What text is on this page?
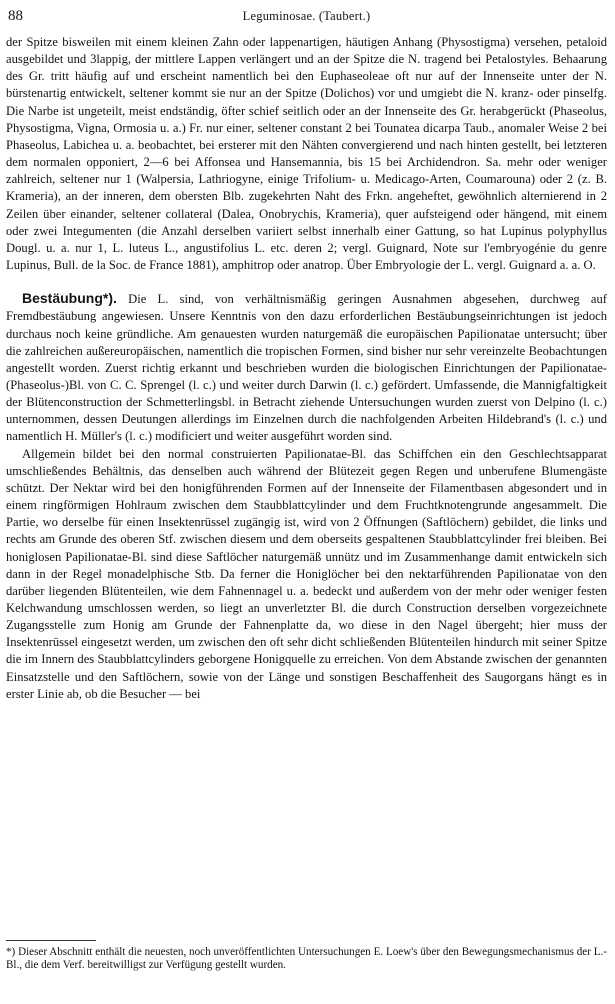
88	Leguminosae. (Taubert.)

der Spitze bisweilen mit einem kleinen Zahn oder lappenartigen, häutigen Anhang (Physostigma) versehen, petaloid ausgebildet und 3lappig, der mittlere Lappen verlängert und an der Spitze die N. tragend bei Petalostyles. Behaarung des Gr. tritt häufig auf und erscheint namentlich bei den Euphaseoleae oft nur auf der Innenseite unter der N. bürstenartig entwickelt, seltener kommt sie nur an der Spitze (Dolichos) vor und umgiebt die N. kranz- oder pinselfg. Die Narbe ist ungeteilt, meist endständig, öfter schief seitlich oder an der Innenseite des Gr. herabgerückt (Phaseolus, Physostigma, Vigna, Ormosia u. a.) Fr. nur einer, seltener constant 2 bei Tounatea dicarpa Taub., anomaler Weise 2 bei Phaseolus, Labichea u. a. beobachtet, bei ersterer mit den Nähten convergierend und nach hinten gestellt, bei letzteren dem normalen opponiert, 2—6 bei Affonsea und Hansemannia, bis 15 bei Archidendron. Sa. mehr oder weniger zahlreich, seltener nur 1 (Walpersia, Lathriogyne, einige Trifolium- u. Medicago-Arten, Coumarouna) oder 2 (z. B. Krameria), an der inneren, dem obersten Blb. zugekehrten Naht des Frkn. angeheftet, gewöhnlich alternierend in 2 Zeilen über einander, seltener collateral (Dalea, Onobrychis, Krameria), quer aufsteigend oder hängend, mit einem oder zwei Integumenten (die Anzahl derselben variiert selbst innerhalb einer Gattung, so hat Lupinus polyphyllus Dougl. u. a. nur 1, L. luteus L., angustifolius L. etc. deren 2; vergl. Guignard, Note sur l'embryogénie du genre Lupinus, Bull. de la Soc. de France 1881), amphitrop oder anatrop. Über Embryologie der L. vergl. Guignard a. a. O.

Bestäubung*). Die L. sind, von verhältnismäßig geringen Ausnahmen abgesehen, durchweg auf Fremdbestäubung angewiesen. Unsere Kenntnis von den dazu erforderlichen Bestäubungseinrichtungen ist jedoch durchaus noch keine gründliche. Am genauesten wurden naturgemäß die europäischen Papilionatae untersucht; über die zahlreichen außereuropäischen, namentlich die tropischen Formen, sind bisher nur sehr vereinzelte Beobachtungen angestellt worden. Zuerst richtig erkannt und beschrieben wurden die biologischen Einrichtungen der Papilionatae-(Phaseolus-)Bl. von C. C. Sprengel (l. c.) und weiter durch Darwin (l. c.) gefördert. Umfassende, die Mannigfaltigkeit der Blütenconstruction der Schmetterlingsbl. in Betracht ziehende Untersuchungen wurden zuerst von Delpino (l. c.) unternommen, dessen Deutungen allerdings im Einzelnen durch die nachfolgenden Arbeiten Hildebrand's (l. c.) und namentlich H. Müller's (l. c.) modificiert und weiter ausgeführt worden sind.

Allgemein bildet bei den normal construierten Papilionatae-Bl. das Schiffchen ein den Geschlechtsapparat umschließendes Behältnis, das denselben auch während der Blütezeit gegen Regen und unberufene Blumengäste schützt. Der Nektar wird bei den honigführenden Formen auf der Innenseite der Filamentbasen abgesondert und in einem ringförmigen Hohlraum zwischen dem Staubblattcylinder und dem Fruchtknotengrunde angesammelt. Die Partie, wo derselbe für einen Insektenrüssel zugängig ist, wird von 2 Öffnungen (Saftlöchern) gebildet, die links und rechts am Grunde des oberen Stf. zwischen diesem und dem oberseits gespaltenen Staubblattcylinder frei bleiben. Bei honiglosen Papilionatae-Bl. sind diese Saftlöcher naturgemäß unnütz und im Zusammenhange damit entwickeln sich dann in der Regel monadelphische Stb. Da ferner die Honiglöcher bei den nektarführenden Papilionatae von den darüber liegenden Blütenteilen, wie dem Fahnennagel u. a. bedeckt und außerdem von der mehr oder weniger festen Kelchwandung umschlossen werden, so liegt an unverletzter Bl. die durch Construction derselben vorgezeichnete Zugangsstelle zum Honig am Grunde der Fahnenplatte da, wo diese in den Nagel übergeht; hier muss der Insektenrüssel eingesetzt werden, um zwischen den oft sehr dicht schließenden Blütenteilen hindurch mit seiner Spitze die im Innern des Staubblattcylinders geborgene Honigquelle zu erreichen. Von dem Abstande zwischen der genannten Einsatzstelle und den Saftlöchern, sowie von der Länge und sonstigen Beschaffenheit des Saugorgans hängt es in erster Linie ab, ob die Besucher — bei

*) Dieser Abschnitt enthält die neuesten, noch unveröffentlichten Untersuchungen E. Loew's über den Bewegungsmechanismus der L.-Bl., die dem Verf. bereitwilligst zur Verfügung gestellt wurden.
